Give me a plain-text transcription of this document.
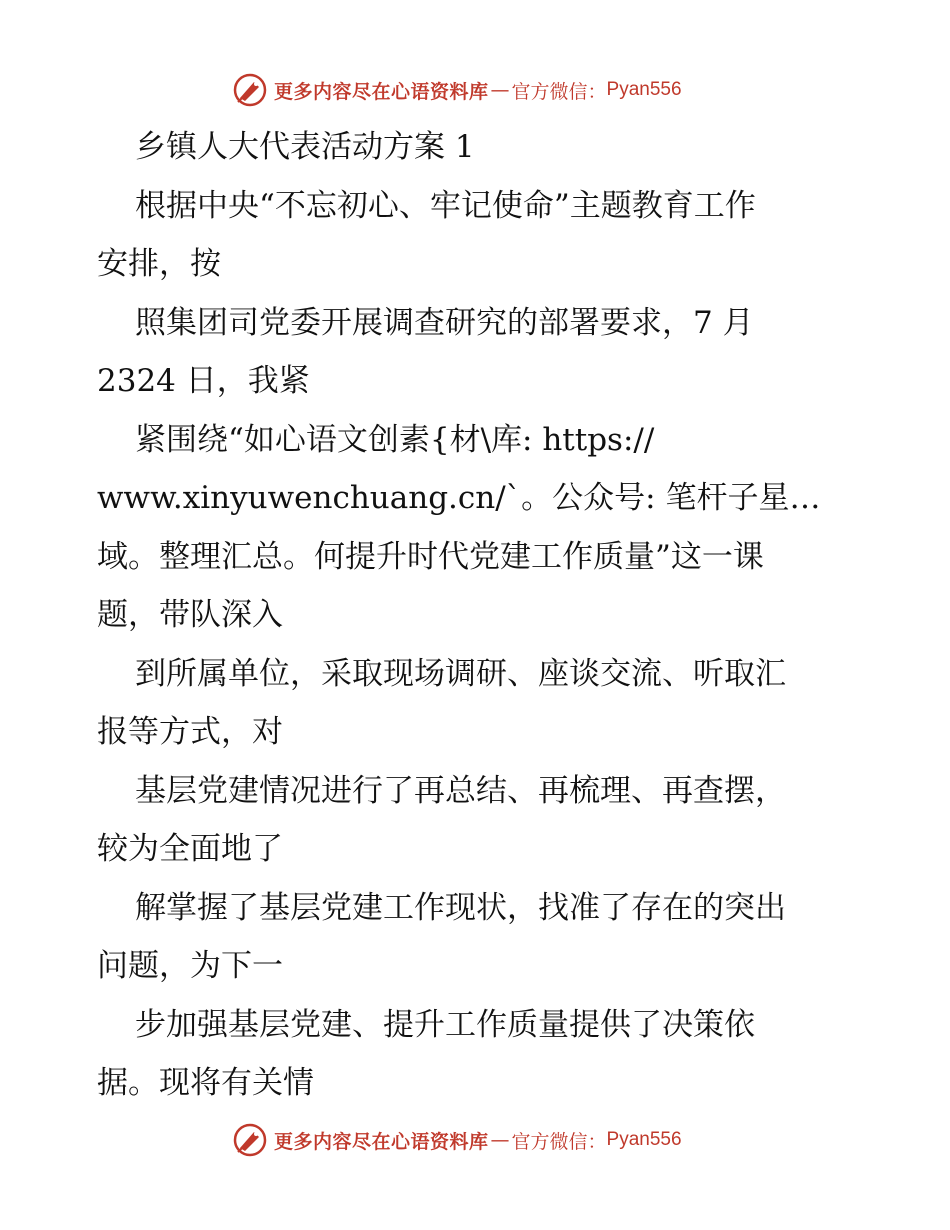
更多内容尽在心语资料库 — 官方微信： Pyan556
乡镇人大代表活动方案 1
根据中央“不忘初心、牢记使命”主题教育工作
安排，按
照集团司党委开展调查研究的部署要求，7 月
2324 日，我紧
紧围绕“如心语文创素{材\库: https://
www.xinyuwenchuang.cn/`。公众号: 笔杆子星…
域。整理汇总。何提升时代党建工作质量”这一课
题，带队深入
到所属单位，采取现场调研、座谈交流、听取汇
报等方式，对
基层党建情况进行了再总结、再梳理、再查摆，
较为全面地了
解掌握了基层党建工作现状，找准了存在的突出
问题，为下一
步加强基层党建、提升工作质量提供了决策依
据。现将有关情
更多内容尽在心语资料库 — 官方微信： Pyan556
